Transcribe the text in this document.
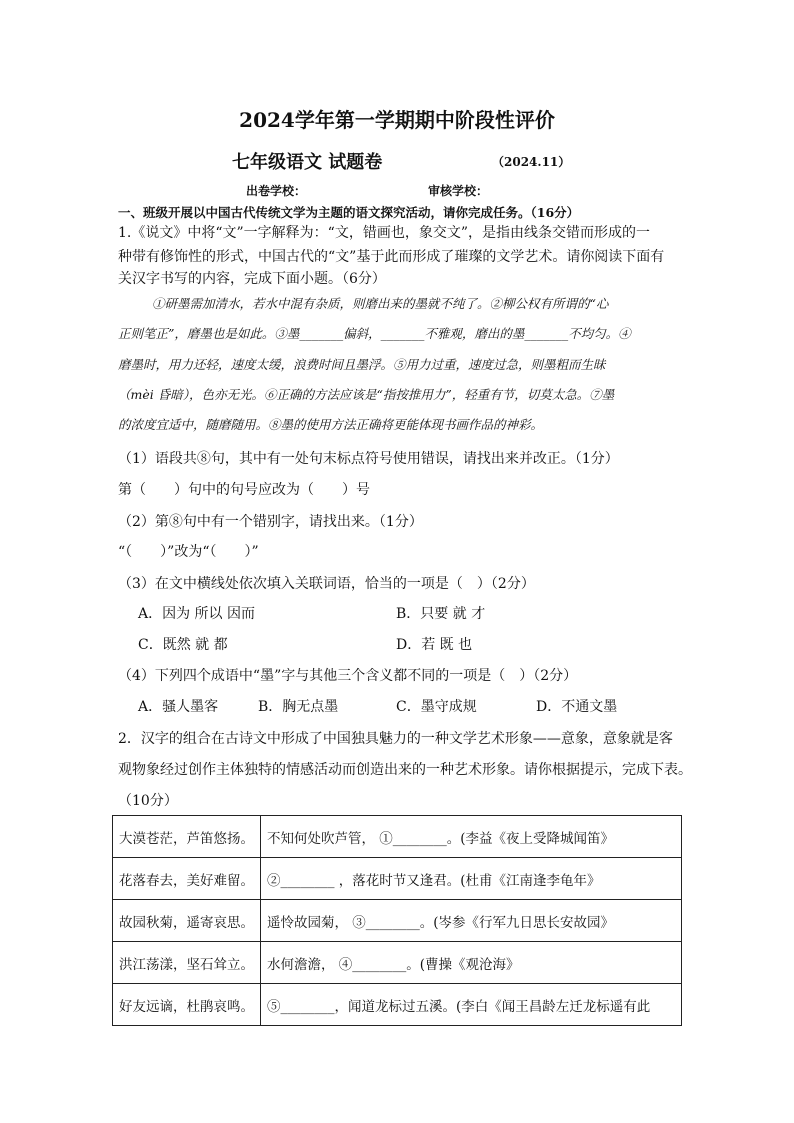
2024学年第一学期期中阶段性评价
七年级语文 试题卷	（2024.11）
出卷学校：	审核学校：
一、班级开展以中国古代传统文学为主题的语文探究活动，请你完成任务。（16分）
1.《说文》中将“文”一字解释为：“文，错画也，象交文”，是指由线条交错而形成的一
种带有修饰性的形式，中国古代的“文”基于此而形成了璀璨的文学艺术。请你阅读下面有
关汉字书写的内容，完成下面小题。（6分）
①研墨需加清水，若水中混有杂质，则磨出来的墨就不纯了。②柳公权有所谓的“心
正则笔正”，磨墨也是如此。③墨_______偏斜，_______不雅观，磨出的墨_______不均匀。④
磨墨时，用力还轻，速度太缓，浪费时间且墨浮。⑤用力过重，速度过急，则墨粗而生昧
（mèi 昏暗），色亦无光。⑥正确的方法应该是“指按推用力”，轻重有节，切莫太急。⑦墨
的浓度宜适中，随磨随用。⑧墨的使用方法正确将更能体现书画作品的神彩。
（1）语段共⑧句，其中有一处句末标点符号使用错误，请找出来并改正。（1分）
第（　　）句中的句号应改为（　　）号
（2）第⑧句中有一个错别字，请找出来。（1分）
“（　　）”改为“（　　）”
（3）在文中横线处依次填入关联词语，恰当的一项是（　）（2分）
A．因为 所以 因而	B．只要 就 才
C．既然 就 都	D．若 既 也
（4）下列四个成语中“墨”字与其他三个含义都不同的一项是（　）（2分）
A．骚人墨客	B．胸无点墨	C．墨守成规	D．不通文墨
2．汉字的组合在古诗文中形成了中国独具魅力的一种文学艺术形象——意象，意象就是客
观物象经过创作主体独特的情感活动而创造出来的一种艺术形象。请你根据提示，完成下表。
（10分）
大漠苍茫，芦笛悠扬。	不知何处吹芦管， ①________。(李益《夜上受降城闻笛》
花落春去，美好难留。	②________ ，落花时节又逢君。(杜甫《江南逢李龟年》
故园秋菊，遥寄哀思。	遥怜故园菊， ③________。(岑参《行军九日思长安故园》
洪江荡漾，坚石耸立。	水何澹澹， ④________。(曹操《观沧海》
好友远谪，杜鹃哀鸣。	⑤________，闻道龙标过五溪。(李白《闻王昌龄左迁龙标遥有此
